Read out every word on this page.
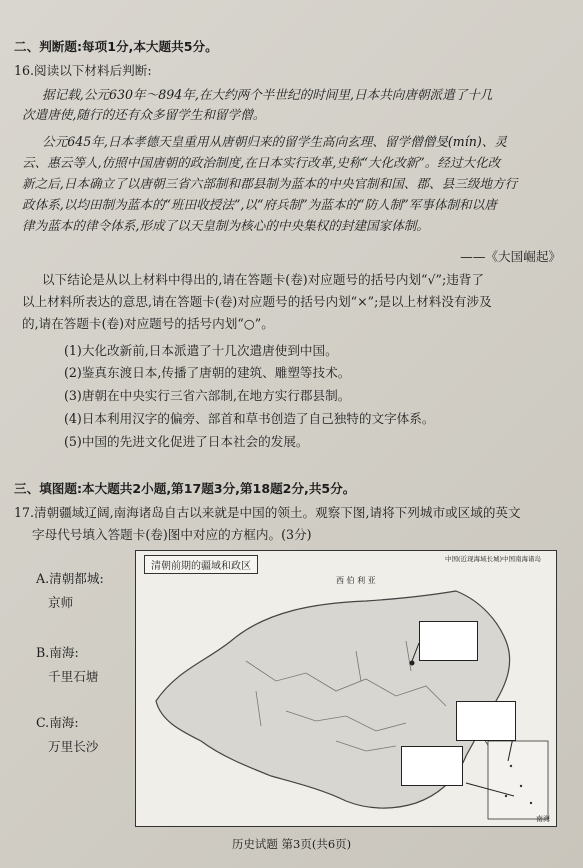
二、判断题:每项1分,本大题共5分。
16.阅读以下材料后判断:
据记载,公元630年～894年,在大约两个半世纪的时间里,日本共向唐朝派遣了十几
次遣唐使,随行的还有众多留学生和留学僧。
公元645年,日本孝德天皇重用从唐朝归来的留学生高向玄理、留学僧僧旻(mín)、灵
云、惠云等人,仿照中国唐朝的政治制度,在日本实行改革,史称“大化改新”。经过大化改
新之后,日本确立了以唐朝三省六部制和郡县制为蓝本的中央官制和国、郡、县三级地方行
政体系,以均田制为蓝本的“班田收授法”,以“府兵制”为蓝本的“防人制”军事体制和以唐
律为蓝本的律令体系,形成了以天皇制为核心的中央集权的封建国家体制。
——《大国崛起》
以下结论是从以上材料中得出的,请在答题卡(卷)对应题号的括号内划“√”;违背了
以上材料所表达的意思,请在答题卡(卷)对应题号的括号内划“×”;是以上材料没有涉及
的,请在答题卡(卷)对应题号的括号内划“○”。
(1)大化改新前,日本派遣了十几次遣唐使到中国。
(2)鉴真东渡日本,传播了唐朝的建筑、雕塑等技术。
(3)唐朝在中央实行三省六部制,在地方实行郡县制。
(4)日本利用汉字的偏旁、部首和草书创造了自己独特的文字体系。
(5)中国的先进文化促进了日本社会的发展。
三、填图题:本大题共2小题,第17题3分,第18题2分,共5分。
17.清朝疆域辽阔,南海诸岛自古以来就是中国的领土。观察下图,请将下列城市或区域的英文
字母代号填入答题卡(卷)图中对应的方框内。(3分)
A.清朝都城:
京师
B.南海:
千里石塘
C.南海:
万里长沙
清朝前期的疆域和政区
中国(近现海域长城)中国南海诸岛
西 伯 利 亚
南海
历史试题 第3页(共6页)
